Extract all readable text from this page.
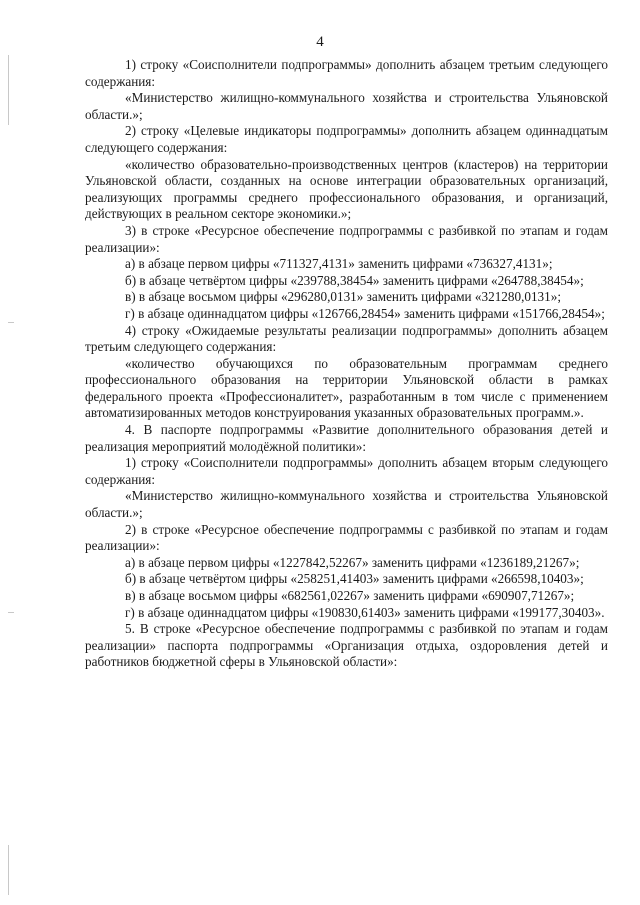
4

1) строку «Соисполнители подпрограммы» дополнить абзацем третьим следующего содержания:

«Министерство жилищно-коммунального хозяйства и строительства Ульяновской области.»;

2) строку «Целевые индикаторы подпрограммы» дополнить абзацем одиннадцатым следующего содержания:

«количество образовательно-производственных центров (кластеров) на территории Ульяновской области, созданных на основе интеграции образовательных организаций, реализующих программы среднего профессионального образования, и организаций, действующих в реальном секторе экономики.»;

3) в строке «Ресурсное обеспечение подпрограммы с разбивкой по этапам и годам реализации»:

а) в абзаце первом цифры «711327,4131» заменить цифрами «736327,4131»;

б) в абзаце четвёртом цифры «239788,38454» заменить цифрами «264788,38454»;

в) в абзаце восьмом цифры «296280,0131» заменить цифрами «321280,0131»;

г) в абзаце одиннадцатом цифры «126766,28454» заменить цифрами «151766,28454»;

4) строку «Ожидаемые результаты реализации подпрограммы» дополнить абзацем третьим следующего содержания:

«количество обучающихся по образовательным программам среднего профессионального образования на территории Ульяновской области в рамках федерального проекта «Профессионалитет», разработанным в том числе с применением автоматизированных методов конструирования указанных образовательных программ.».

4. В паспорте подпрограммы «Развитие дополнительного образования детей и реализация мероприятий молодёжной политики»:

1) строку «Соисполнители подпрограммы» дополнить абзацем вторым следующего содержания:

«Министерство жилищно-коммунального хозяйства и строительства Ульяновской области.»;

2) в строке «Ресурсное обеспечение подпрограммы с разбивкой по этапам и годам реализации»:

а) в абзаце первом цифры «1227842,52267» заменить цифрами «1236189,21267»;

б) в абзаце четвёртом цифры «258251,41403» заменить цифрами «266598,10403»;

в) в абзаце восьмом цифры «682561,02267» заменить цифрами «690907,71267»;

г) в абзаце одиннадцатом цифры «190830,61403» заменить цифрами «199177,30403».

5. В строке «Ресурсное обеспечение подпрограммы с разбивкой по этапам и годам реализации» паспорта подпрограммы «Организация отдыха, оздоровления детей и работников бюджетной сферы в Ульяновской области»:
